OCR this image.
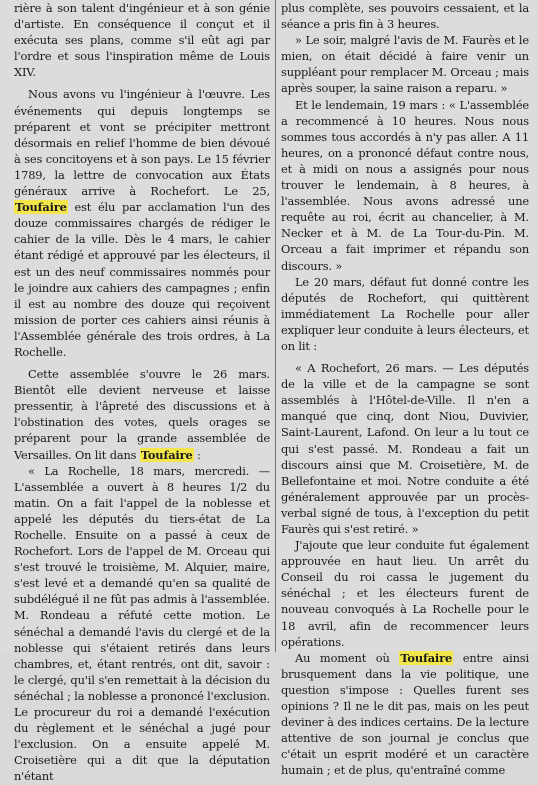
rière à son talent d'ingénieur et à son génie d'artiste. En conséquence il conçut et il exécuta ses plans, comme s'il eût agi par l'ordre et sous l'inspiration même de Louis XIV.

Nous avons vu l'ingénieur à l'œuvre. Les événements qui depuis longtemps se préparent et vont se précipiter mettront désormais en relief l'homme de bien dévoué à ses concitoyens et à son pays. Le 15 février 1789, la lettre de convocation aux États généraux arrive à Rochefort. Le 25, Toufaire est élu par acclamation l'un des douze commissaires chargés de rédiger le cahier de la ville. Dès le 4 mars, le cahier étant rédigé et approuvé par les électeurs, il est un des neuf commissaires nommés pour le joindre aux cahiers des campagnes ; enfin il est au nombre des douze qui reçoivent mission de porter ces cahiers ainsi réunis à l'Assemblée générale des trois ordres, à La Rochelle.

Cette assemblée s'ouvre le 26 mars. Bientôt elle devient nerveuse et laisse pressentir, à l'âpreté des discussions et à l'obstination des votes, quels orages se préparent pour la grande assemblée de Versailles. On lit dans Toufaire :

« La Rochelle, 18 mars, mercredi. — L'assemblée a ouvert à 8 heures 1/2 du matin. On a fait l'appel de la noblesse et appelé les députés du tiers-état de La Rochelle. Ensuite on a passé à ceux de Rochefort. Lors de l'appel de M. Orceau qui s'est trouvé le troisième, M. Alquier, maire, s'est levé et a demandé qu'en sa qualité de subdélégué il ne fût pas admis à l'assemblée. M. Rondeau a réfuté cette motion. Le sénéchal a demandé l'avis du clergé et de la noblesse qui s'étaient retirés dans leurs chambres, et, étant rentrés, ont dit, savoir : le clergé, qu'il s'en remettait à la décision du sénéchal ; la noblesse a prononcé l'exclusion. Le procureur du roi a demandé l'exécution du règlement et le sénéchal a jugé pour l'exclusion. On a ensuite appelé M. Croisetière qui a dit que la députation n'étant

plus complète, ses pouvoirs cessaient, et la séance a pris fin à 3 heures.

» Le soir, malgré l'avis de M. Faurès et le mien, on était décidé à faire venir un suppléant pour remplacer M. Orceau ; mais après souper, la saine raison a reparu. »

Et le lendemain, 19 mars : « L'assemblée a recommencé à 10 heures. Nous nous sommes tous accordés à n'y pas aller. A 11 heures, on a prononcé défaut contre nous, et à midi on nous a assignés pour nous trouver le lendemain, à 8 heures, à l'assemblée. Nous avons adressé une requête au roi, écrit au chancelier, à M. Necker et à M. de La Tour-du-Pin. M. Orceau a fait imprimer et répandu son discours. »

Le 20 mars, défaut fut donné contre les députés de Rochefort, qui quittèrent immédiatement La Rochelle pour aller expliquer leur conduite à leurs électeurs, et on lit :

« A Rochefort, 26 mars. — Les députés de la ville et de la campagne se sont assemblés à l'Hôtel-de-Ville. Il n'en a manqué que cinq, dont Niou, Duvivier, Saint-Laurent, Lafond. On leur a lu tout ce qui s'est passé. M. Rondeau a fait un discours ainsi que M. Croisetière, M. de Bellefontaine et moi. Notre conduite a été généralement approuvée par un procès-verbal signé de tous, à l'exception du petit Faurès qui s'est retiré. »

J'ajoute que leur conduite fut également approuvée en haut lieu. Un arrêt du Conseil du roi cassa le jugement du sénéchal ; et les électeurs furent de nouveau convoqués à La Rochelle pour le 18 avril, afin de recommencer leurs opérations.

Au moment où Toufaire entre ainsi brusquement dans la vie politique, une question s'impose : Quelles furent ses opinions ? Il ne le dit pas, mais on les peut deviner à des indices certains. De la lecture attentive de son journal je conclus que c'était un esprit modéré et un caractère humain ; et de plus, qu'entraîné comme
